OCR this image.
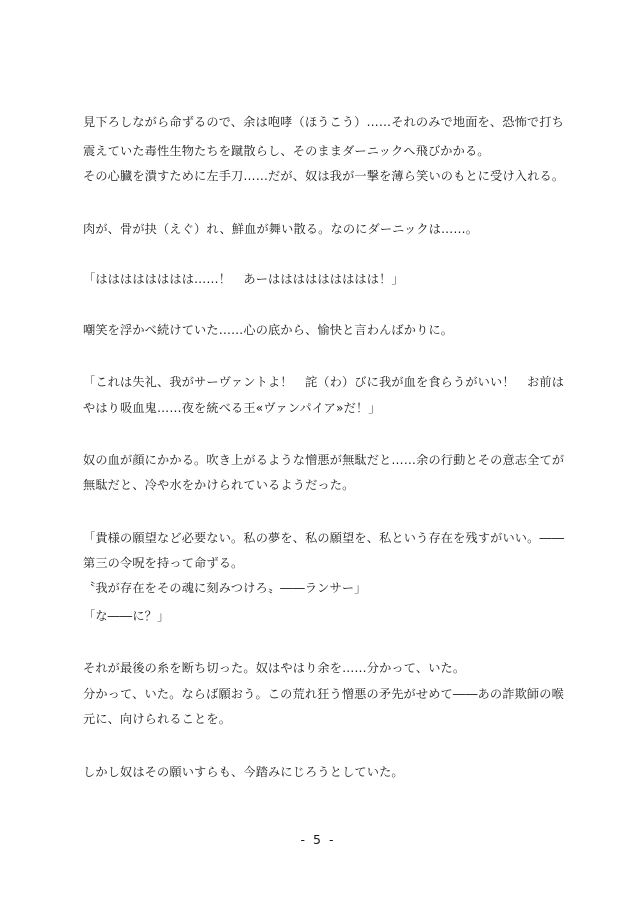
見下ろしながら命ずるので、余は咆哮（ほうこう）……それのみで地面を、恐怖で打ち
震えていた毒性生物たちを蹴散らし、そのままダーニックへ飛びかかる。
その心臓を潰すために左手刀……だが、奴は我が一撃を薄ら笑いのもとに受け入れる。
肉が、骨が抉（えぐ）れ、鮮血が舞い散る。なのにダーニックは……。
「はははははははは……！　あーははははははははは！」
嘲笑を浮かべ続けていた……心の底から、愉快と言わんばかりに。
「これは失礼、我がサーヴァントよ！　詫（わ）びに我が血を食らうがいい！　お前は
やはり吸血鬼……夜を統べる王«ヴァンパイア»だ！」
奴の血が顔にかかる。吹き上がるような憎悪が無駄だと……余の行動とその意志全てが
無駄だと、冷や水をかけられているようだった。
「貴様の願望など必要ない。私の夢を、私の願望を、私という存在を残すがいい。――
第三の令呪を持って命ずる。
〝我が存在をその魂に刻みつけろ〟――ランサー」
「な――に？」
それが最後の糸を断ち切った。奴はやはり余を……分かって、いた。
分かって、いた。ならば願おう。この荒れ狂う憎悪の矛先がせめて――あの詐欺師の喉
元に、向けられることを。
しかし奴はその願いすらも、今踏みにじろうとしていた。
- 5 -
